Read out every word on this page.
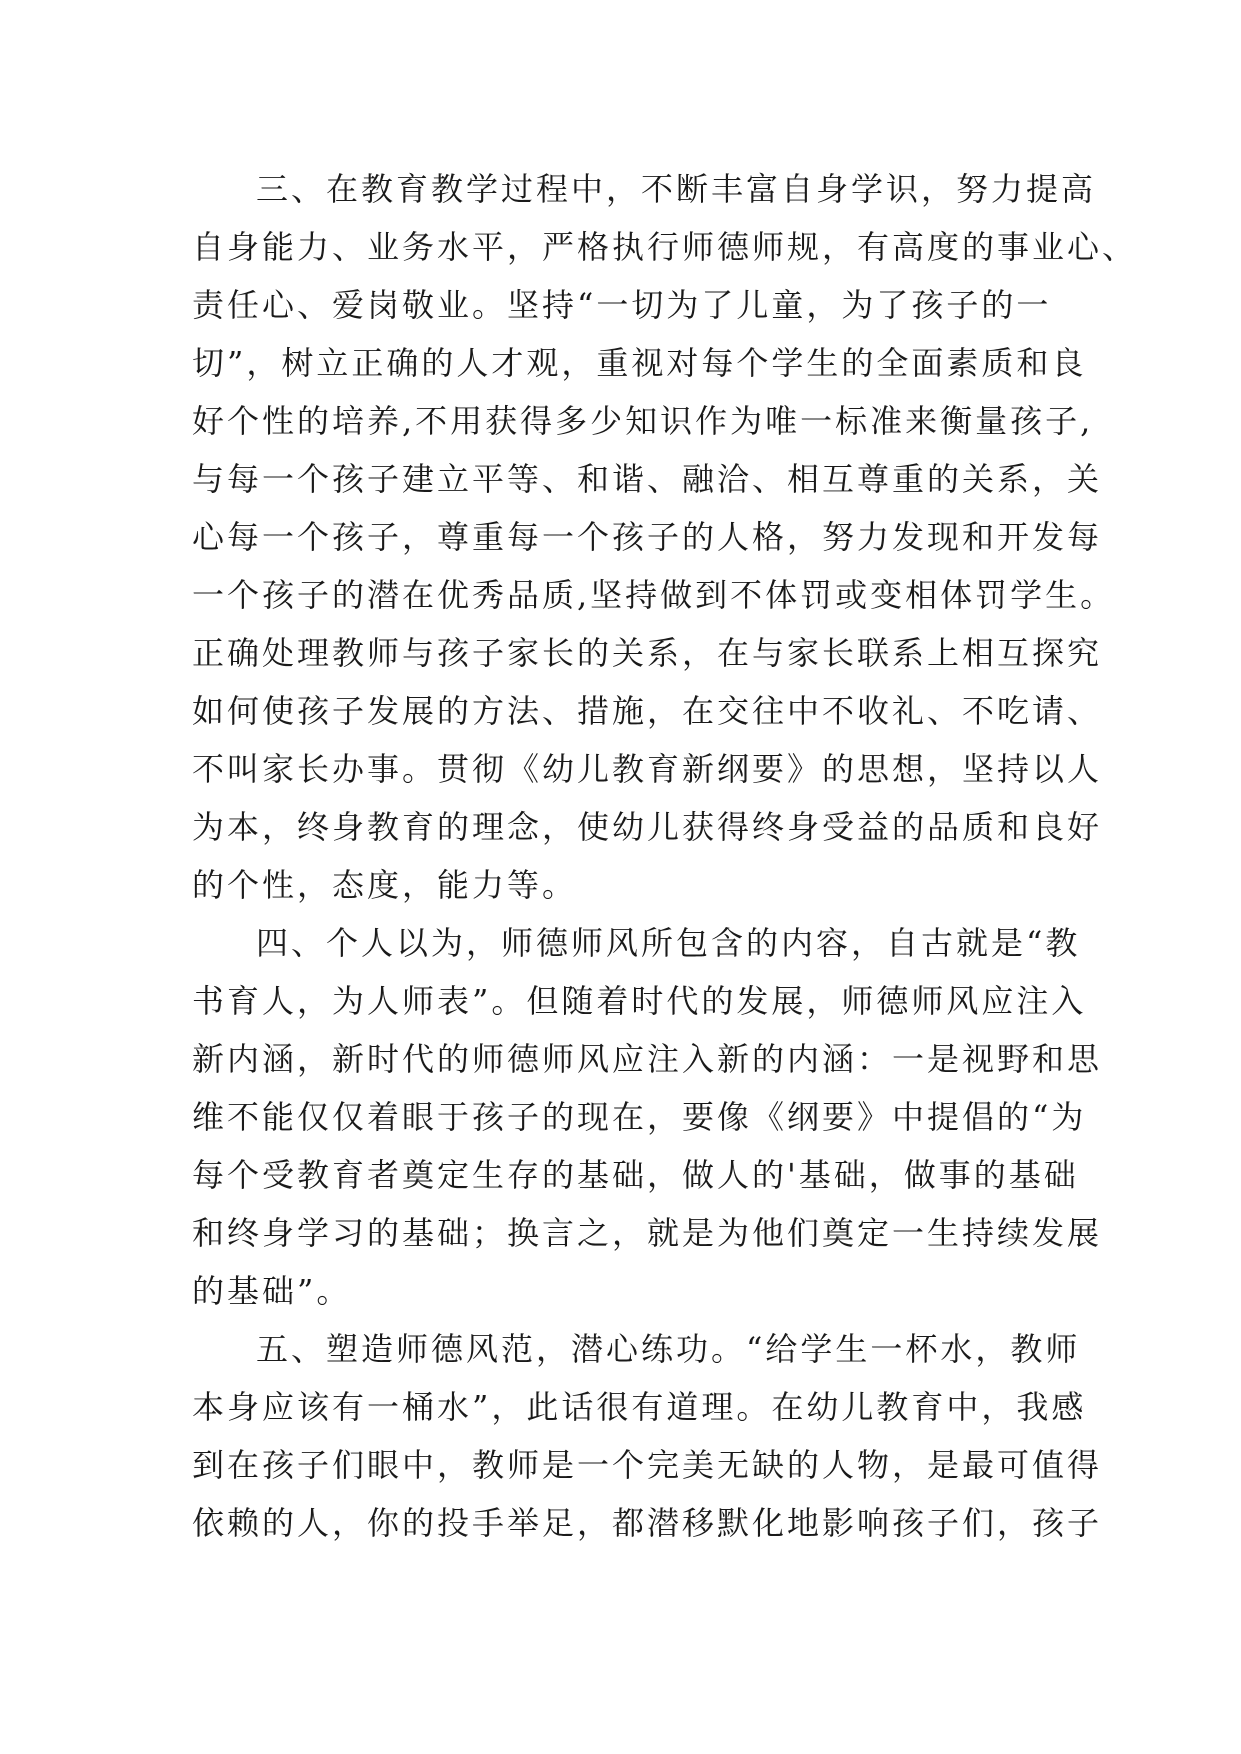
三、在教育教学过程中，不断丰富自身学识，努力提高
自身能力、业务水平，严格执行师德师规，有高度的事业心、
责任心、爱岗敬业。坚持“一切为了儿童，为了孩子的一
切”，树立正确的人才观，重视对每个学生的全面素质和良
好个性的培养,不用获得多少知识作为唯一标准来衡量孩子,
与每一个孩子建立平等、和谐、融洽、相互尊重的关系，关
心每一个孩子，尊重每一个孩子的人格，努力发现和开发每
一个孩子的潜在优秀品质,坚持做到不体罚或变相体罚学生。
正确处理教师与孩子家长的关系，在与家长联系上相互探究
如何使孩子发展的方法、措施，在交往中不收礼、不吃请、
不叫家长办事。贯彻《幼儿教育新纲要》的思想，坚持以人
为本，终身教育的理念，使幼儿获得终身受益的品质和良好
的个性，态度，能力等。
四、个人以为，师德师风所包含的内容，自古就是“教
书育人，为人师表”。但随着时代的发展，师德师风应注入
新内涵，新时代的师德师风应注入新的内涵：一是视野和思
维不能仅仅着眼于孩子的现在，要像《纲要》中提倡的“为
每个受教育者奠定生存的基础，做人的'基础，做事的基础
和终身学习的基础；换言之，就是为他们奠定一生持续发展
的基础”。
五、塑造师德风范，潜心练功。“给学生一杯水，教师
本身应该有一桶水”，此话很有道理。在幼儿教育中，我感
到在孩子们眼中，教师是一个完美无缺的人物，是最可值得
依赖的人，你的投手举足，都潜移默化地影响孩子们，孩子
